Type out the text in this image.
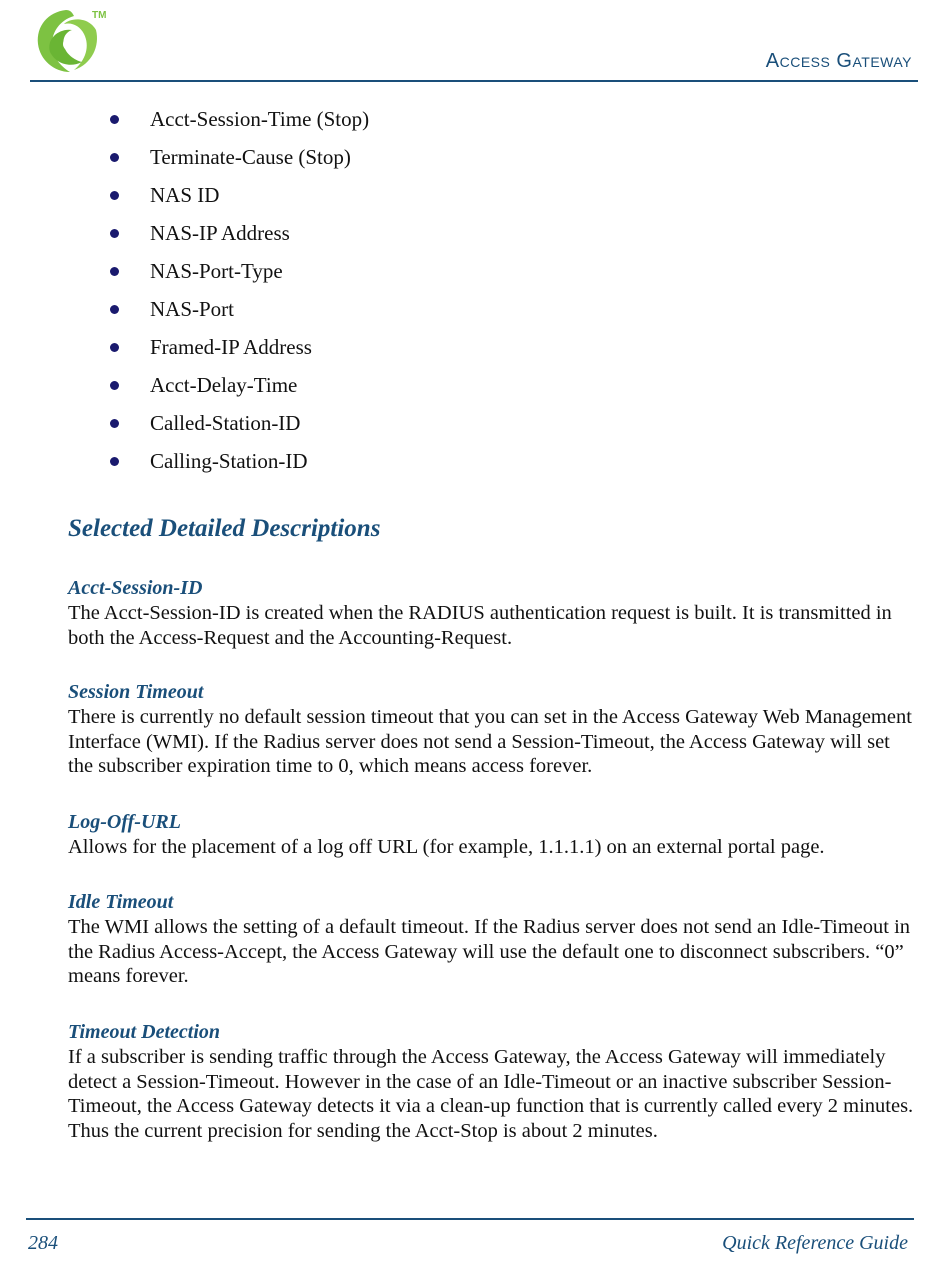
TM
Access Gateway
Acct-Session-Time (Stop)
Terminate-Cause (Stop)
NAS ID
NAS-IP Address
NAS-Port-Type
NAS-Port
Framed-IP Address
Acct-Delay-Time
Called-Station-ID
Calling-Station-ID
Selected Detailed Descriptions
Acct-Session-ID

The Acct-Session-ID is created when the RADIUS authentication request is built. It is transmitted in both the Access-Request and the Accounting-Request.

Session Timeout

There is currently no default session timeout that you can set in the Access Gateway Web Management Interface (WMI). If the Radius server does not send a Session-Timeout, the Access Gateway will set the subscriber expiration time to 0, which means access forever.

Log-Off-URL

Allows for the placement of a log off URL (for example, 1.1.1.1) on an external portal page.

Idle Timeout

The WMI allows the setting of a default timeout. If the Radius server does not send an Idle-Timeout in the Radius Access-Accept, the Access Gateway will use the default one to disconnect subscribers. “0” means forever.

Timeout Detection

If a subscriber is sending traffic through the Access Gateway, the Access Gateway will immediately detect a Session-Timeout. However in the case of an Idle-Timeout or an inactive subscriber Session-Timeout, the Access Gateway detects it via a clean-up function that is currently called every 2 minutes. Thus the current precision for sending the Acct-Stop is about 2 minutes.

284	Quick Reference Guide
